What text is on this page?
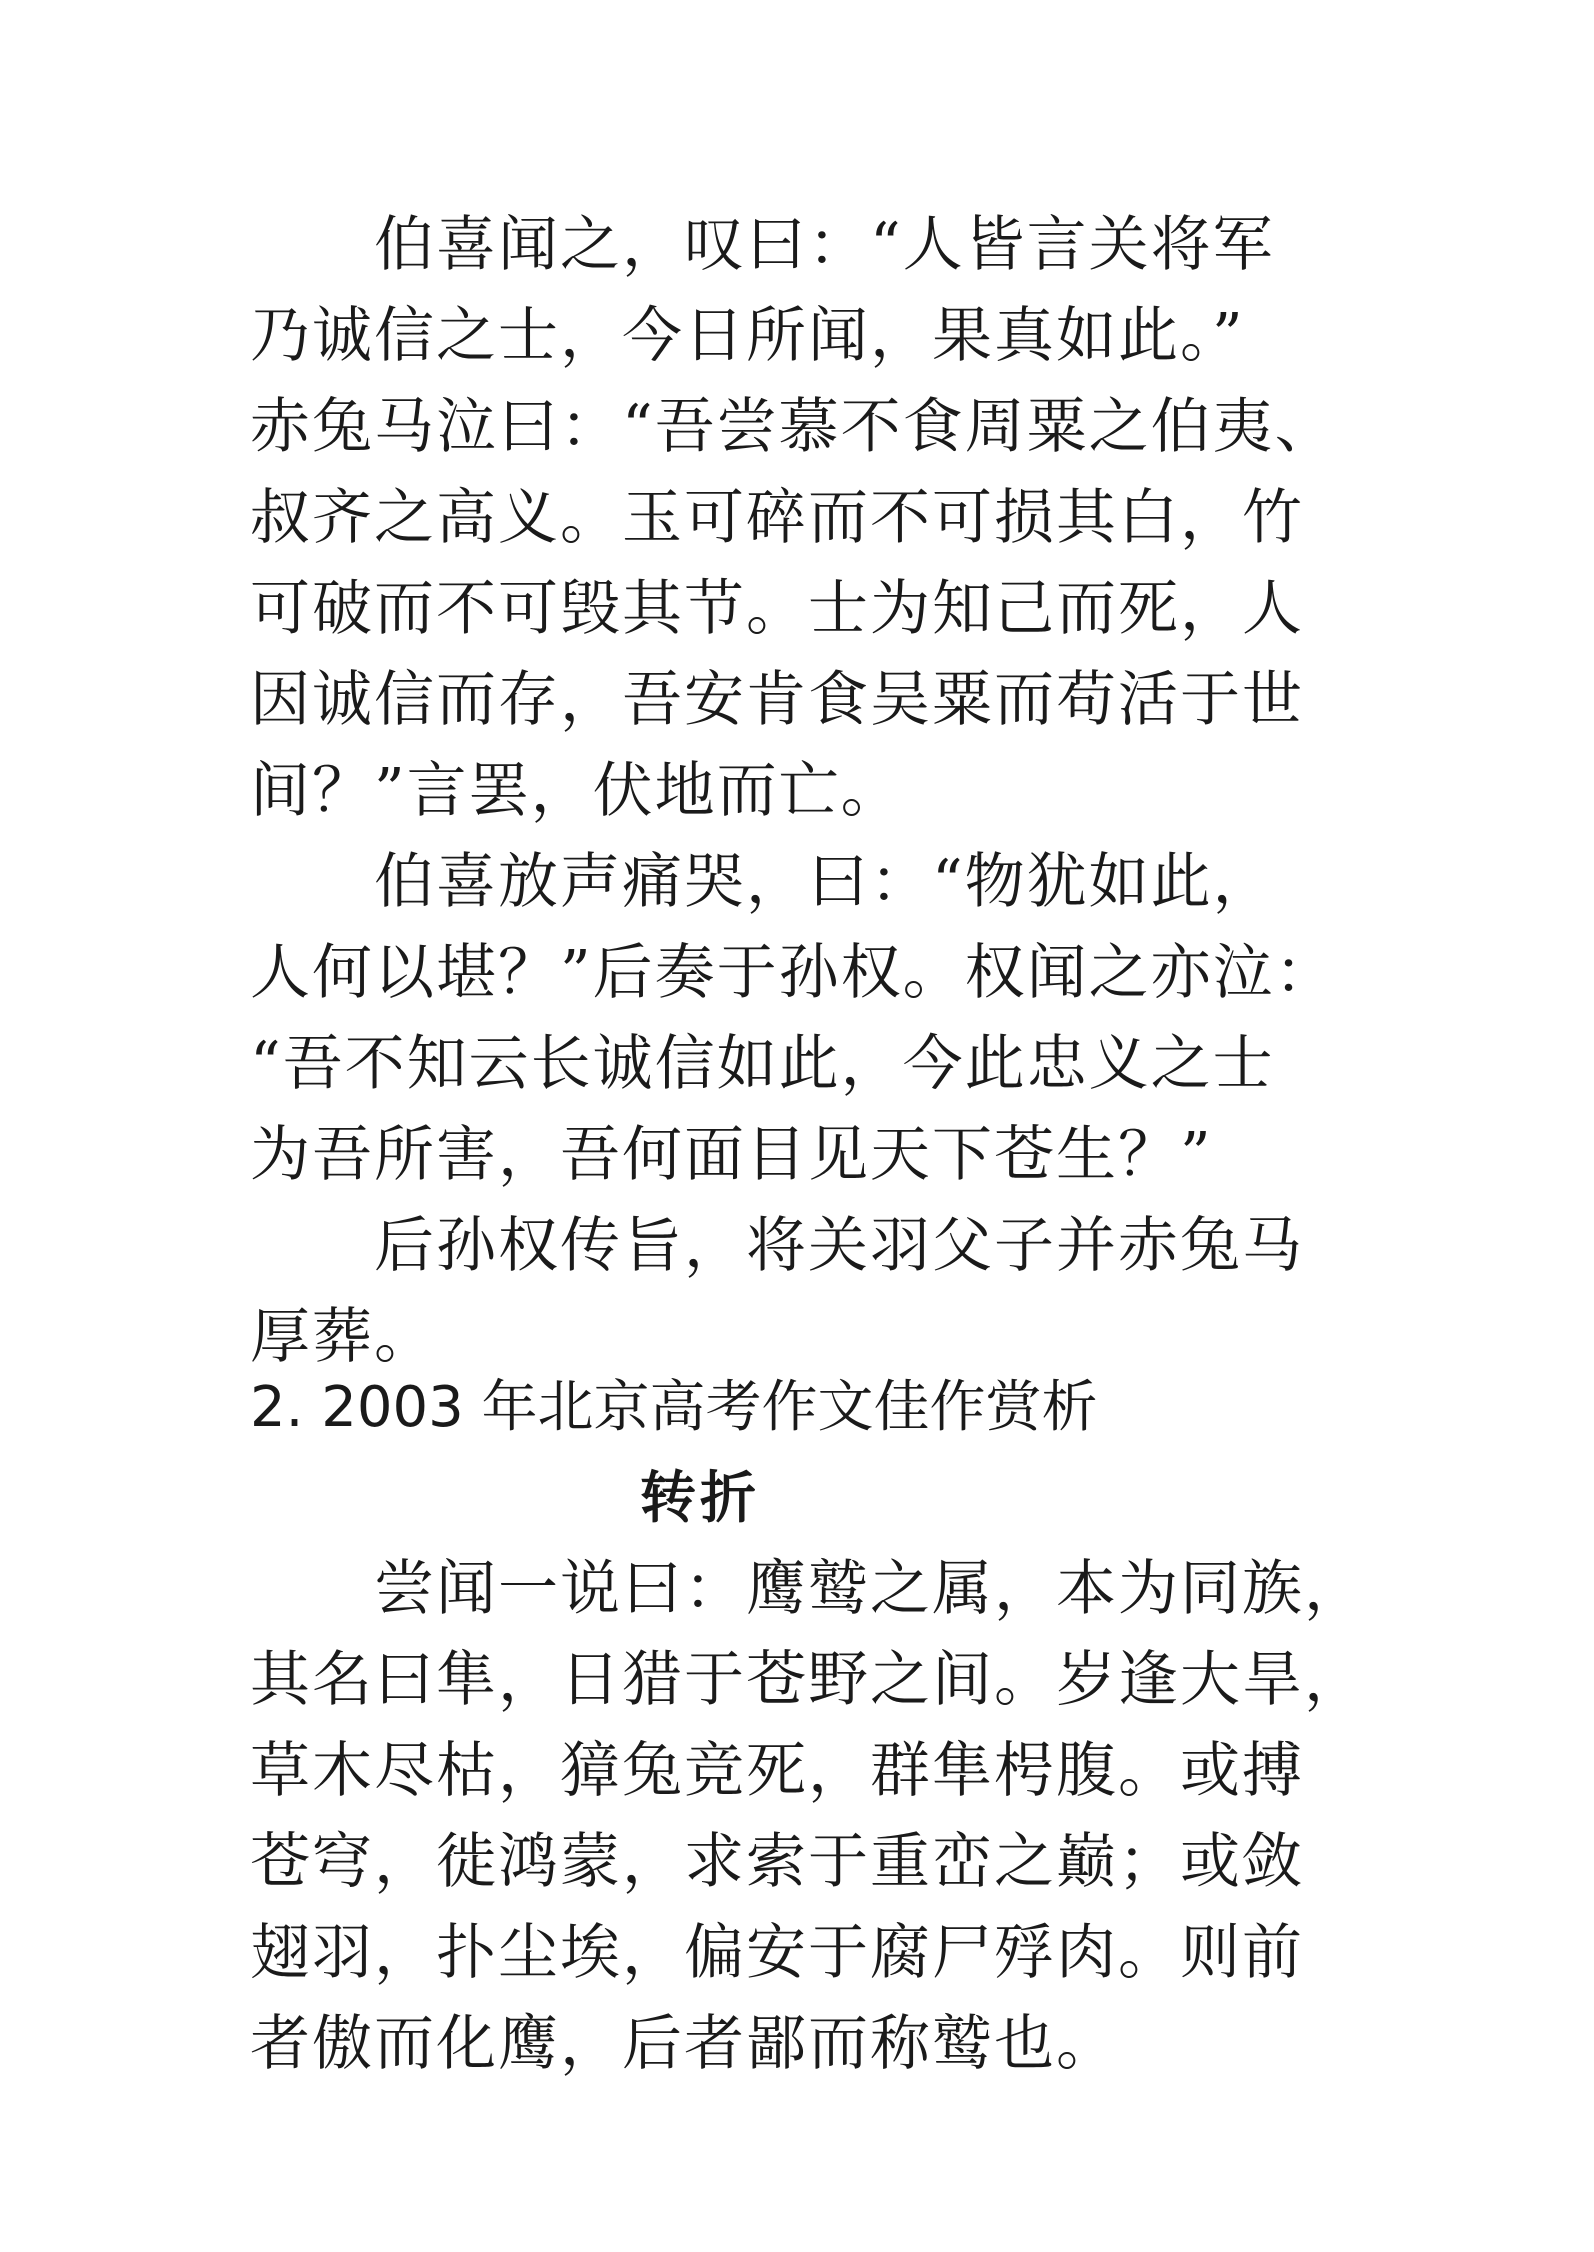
　　伯喜闻之，叹曰：“人皆言关将军
乃诚信之士，今日所闻，果真如此。”
赤兔马泣曰：“吾尝慕不食周粟之伯夷、
叔齐之高义。玉可碎而不可损其白，竹
可破而不可毁其节。士为知己而死，人
因诚信而存，吾安肯食吴粟而苟活于世
间？”言罢，伏地而亡。
　　伯喜放声痛哭，曰：“物犹如此，
人何以堪？”后奏于孙权。权闻之亦泣：
“吾不知云长诚信如此，今此忠义之士
为吾所害，吾何面目见天下苍生？”
　　后孙权传旨，将关羽父子并赤兔马
厚葬。
2. 2003 年北京高考作文佳作赏析
转折
　　尝闻一说曰：鹰鹫之属，本为同族，
其名曰隼，日猎于苍野之间。岁逢大旱，
草木尽枯，獐兔竞死，群隼枵腹。或搏
苍穹，徙鸿蒙，求索于重峦之巅；或敛
翅羽，扑尘埃，偏安于腐尸殍肉。则前
者傲而化鹰，后者鄙而称鹫也。
